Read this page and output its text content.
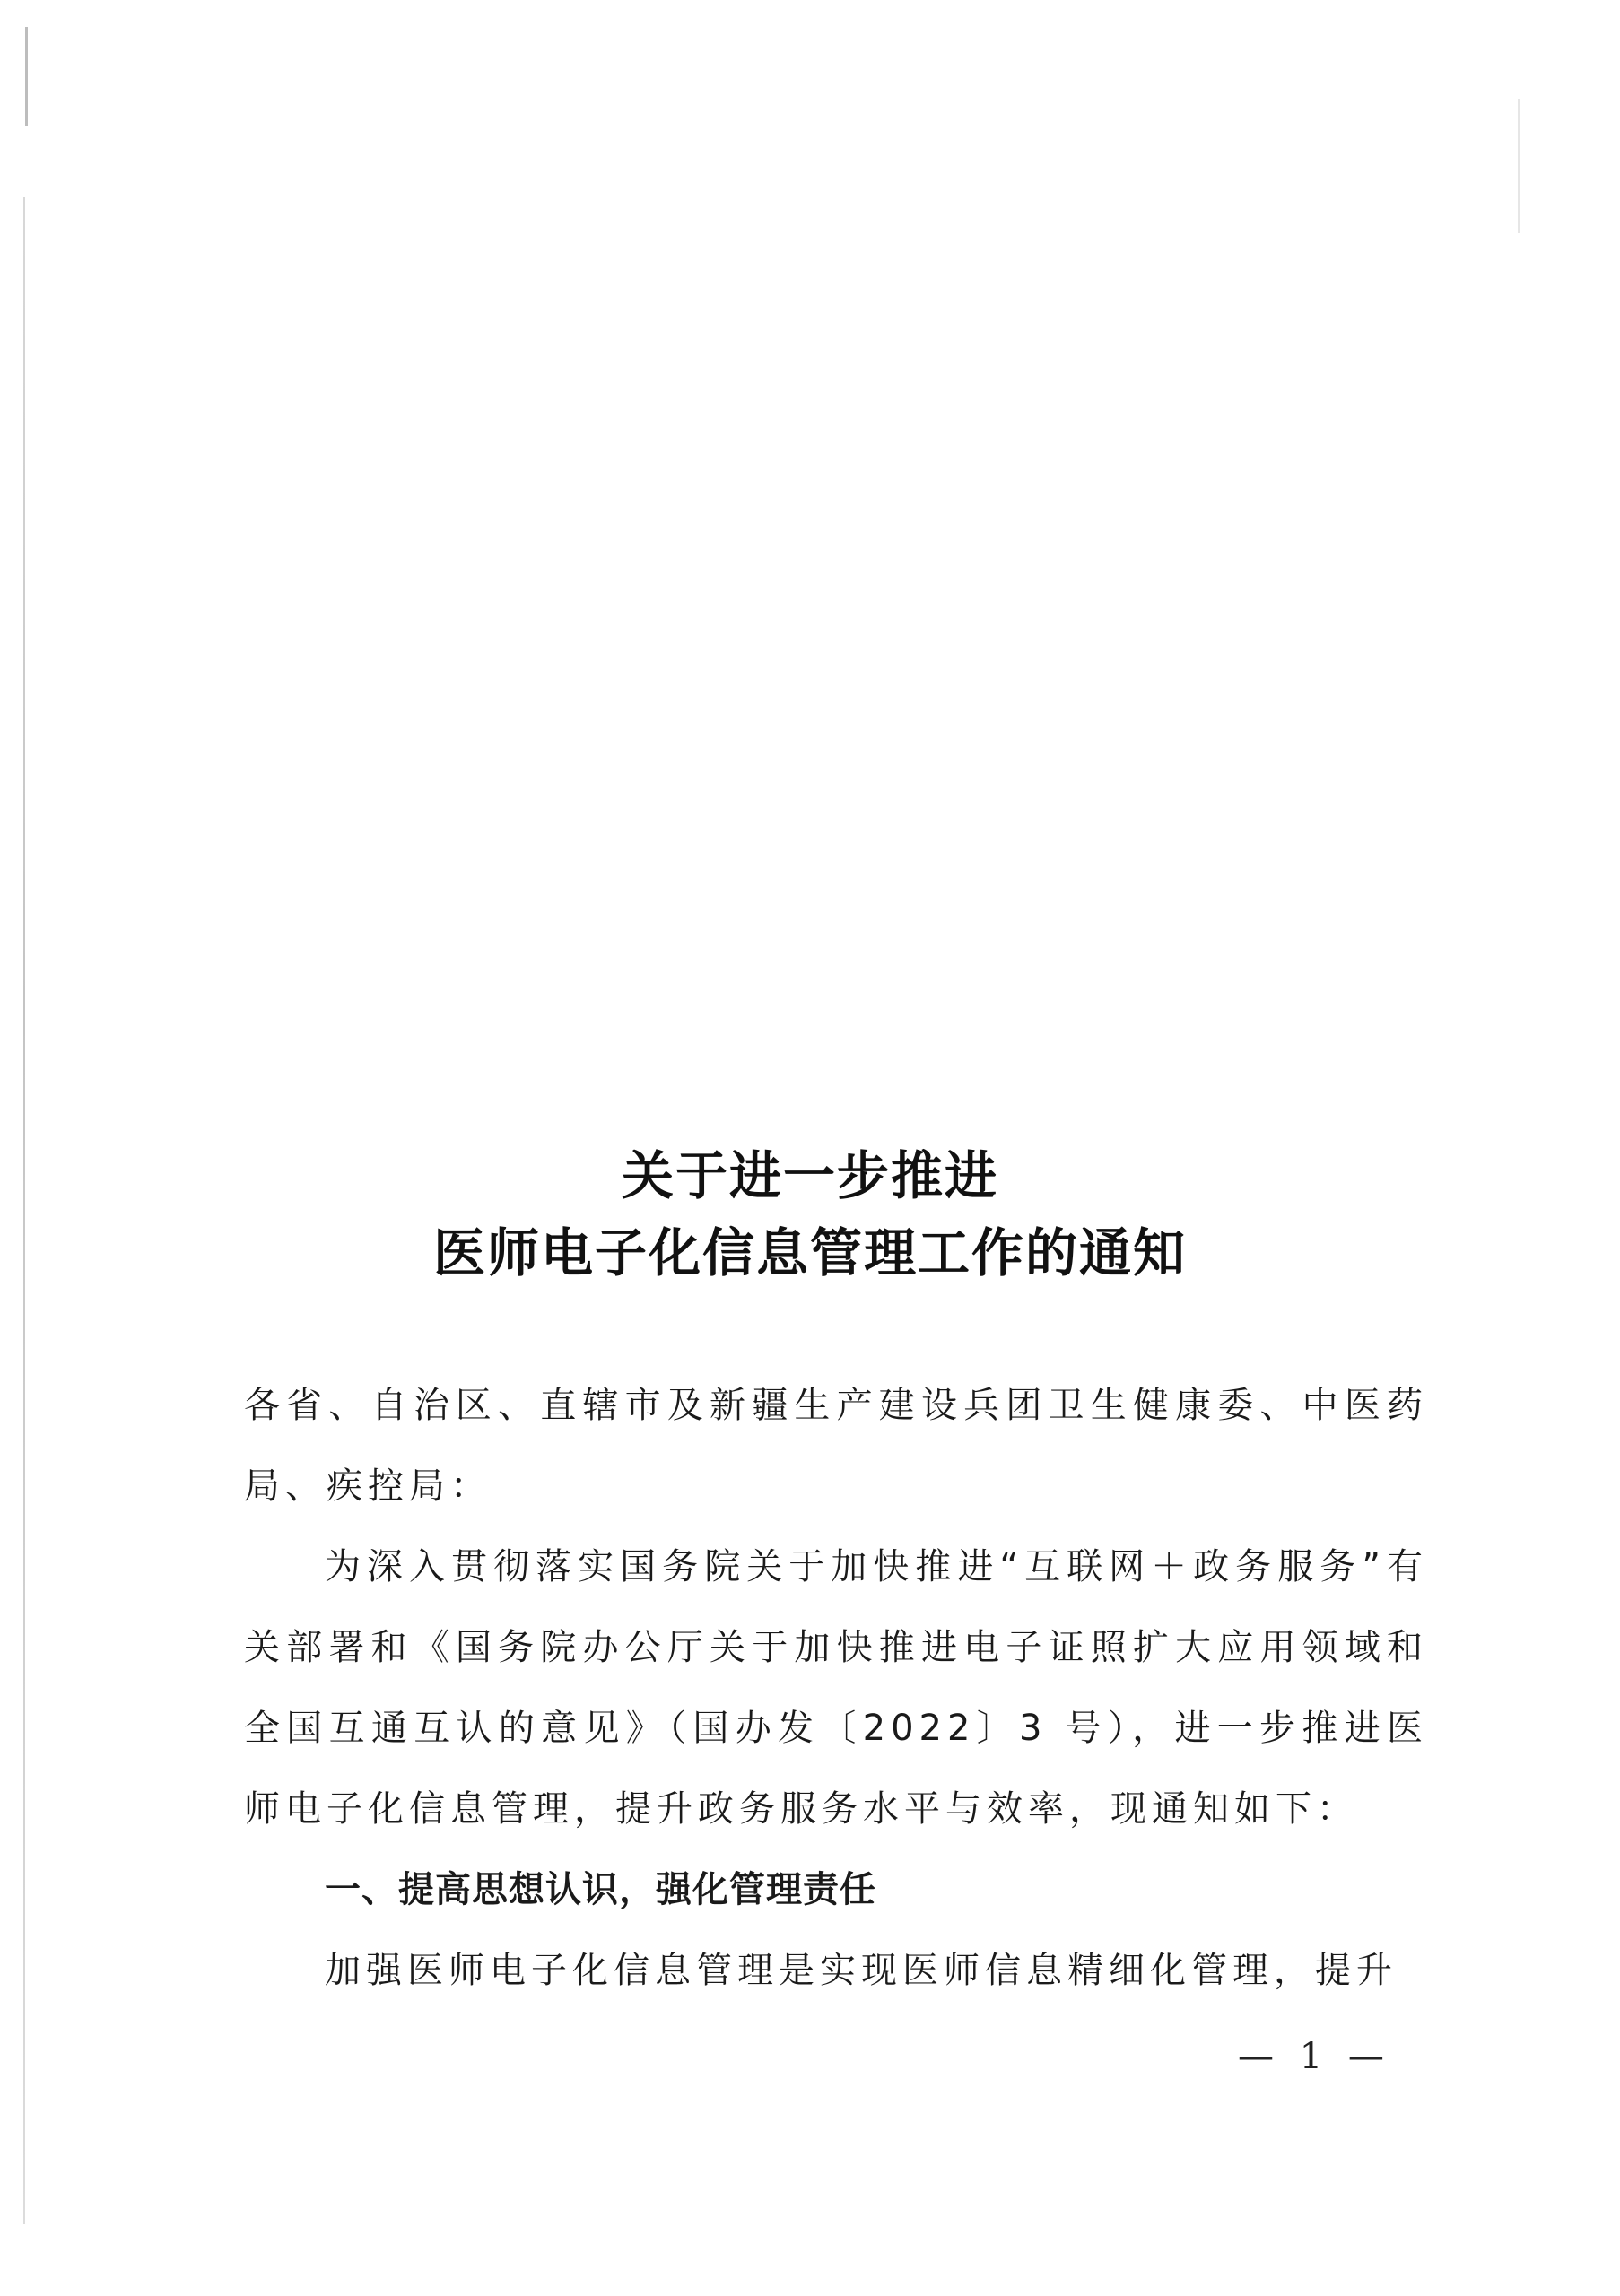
关于进一步推进
医师电子化信息管理工作的通知

各省、自治区、直辖市及新疆生产建设兵团卫生健康委、中医药局、疾控局：

为深入贯彻落实国务院关于加快推进“互联网＋政务服务”有关部署和《国务院办公厅关于加快推进电子证照扩大应用领域和全国互通互认的意见》（国办发〔2022〕3 号），进一步推进医师电子化信息管理，提升政务服务水平与效率，现通知如下：

一、提高思想认识，强化管理责任

加强医师电子化信息管理是实现医师信息精细化管理，提升

— 1 —
